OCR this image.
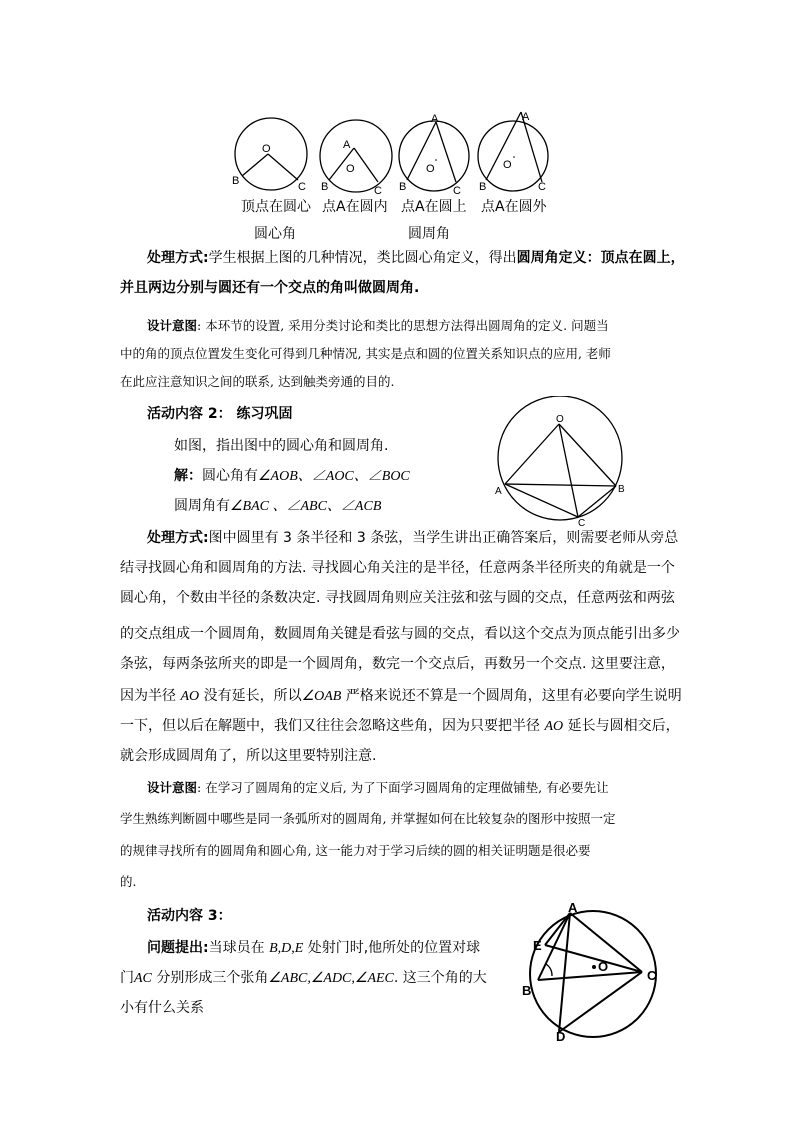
O
B	C
A
O
B	C
A
O
B	C
A
O
B	C
顶点在圆心 点A在圆内 点A在圆上 点A在圆外
圆心角	圆周角
处理方式:学生根据上图的几种情况，类比圆心角定义，得出圆周角定义：顶点在圆上，
并且两边分别与圆还有一个交点的角叫做圆周角.
设计意图: 本环节的设置, 采用分类讨论和类比的思想方法得出圆周角的定义. 问题当
中的角的顶点位置发生变化可得到几种情况, 其实是点和圆的位置关系知识点的应用, 老师
在此应注意知识之间的联系, 达到触类旁通的目的.
活动内容 2： 练习巩固
如图，指出图中的圆心角和圆周角.
解：圆心角有∠AOB、∠AOC、∠BOC
圆周角有∠BAC 、∠ABC、∠ACB
O
A	B
C
处理方式:图中圆里有 3 条半径和 3 条弦，当学生讲出正确答案后，则需要老师从旁总
结寻找圆心角和圆周角的方法. 寻找圆心角关注的是半径，任意两条半径所夹的角就是一个
圆心角，个数由半径的条数决定. 寻找圆周角则应关注弦和弦与圆的交点，任意两弦和两弦
的交点组成一个圆周角，数圆周角关键是看弦与圆的交点，看以这个交点为顶点能引出多少
条弦，每两条弦所夹的即是一个圆周角，数完一个交点后，再数另一个交点. 这里要注意，
因为半径 AO 没有延长，所以∠OAB 严格来说还不算是一个圆周角，这里有必要向学生说明
一下，但以后在解题中，我们又往往会忽略这些角，因为只要把半径 AO 延长与圆相交后，
就会形成圆周角了，所以这里要特别注意.
设计意图: 在学习了圆周角的定义后, 为了下面学习圆周角的定理做铺垫, 有必要先让
学生熟练判断圆中哪些是同一条弧所对的圆周角, 并掌握如何在比较复杂的图形中按照一定
的规律寻找所有的圆周角和圆心角, 这一能力对于学习后续的圆的相关证明题是很必要
的.
活动内容 3：
问题提出:当球员在 B,D,E 处射门时,他所处的位置对球
门AC 分别形成三个张角∠ABC,∠ADC,∠AEC. 这三个角的大
小有什么关系
A
E
O
C
B
D
